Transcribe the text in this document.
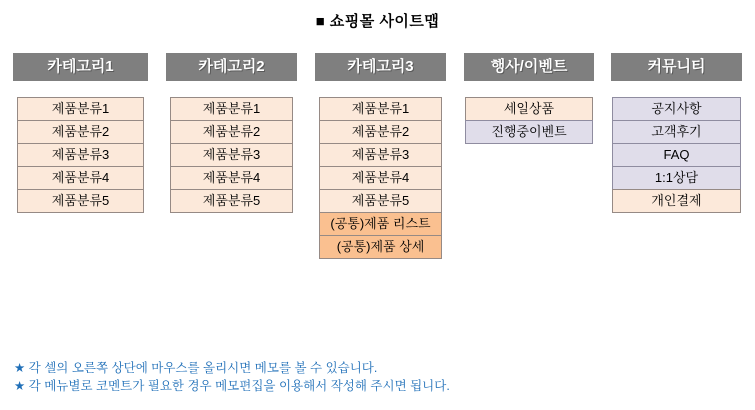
■ 쇼핑몰 사이트맵
카테고리1
제품분류1
제품분류2
제품분류3
제품분류4
제품분류5
카테고리2
제품분류1
제품분류2
제품분류3
제품분류4
제품분류5
카테고리3
제품분류1
제품분류2
제품분류3
제품분류4
제품분류5
(공통)제품 리스트
(공통)제품 상세
행사/이벤트
세일상품
진행중이벤트
커뮤니티
공지사항
고객후기
FAQ
1:1상담
개인결제
★ 각 셀의 오른쪽 상단에 마우스를 올리시면 메모를 볼 수 있습니다.
★ 각 메뉴별로 코멘트가 필요한 경우 메모편집을 이용해서 작성해 주시면 됩니다.
